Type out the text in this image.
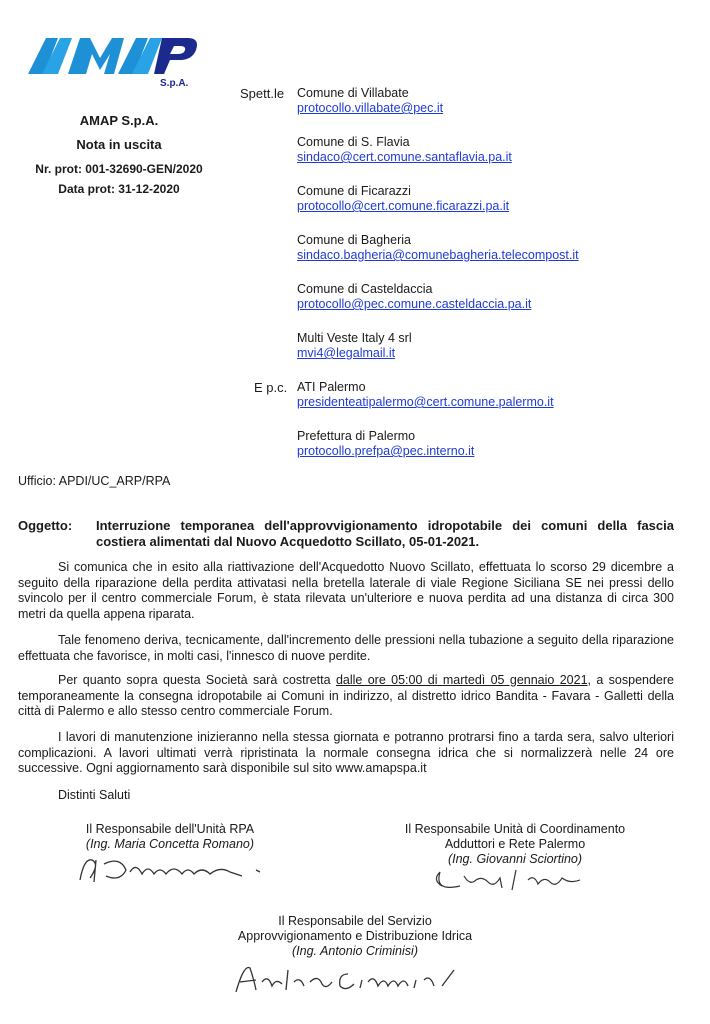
S.p.A.
AMAP S.p.A.
Nota in uscita
Nr. prot: 001-32690-GEN/2020
Data prot: 31-12-2020
Spett.le Comune di Villabate
protocollo.villabate@pec.it
Comune di S. Flavia
sindaco@cert.comune.santaflavia.pa.it
Comune di Ficarazzi
protocollo@cert.comune.ficarazzi.pa.it
Comune di Bagheria
sindaco.bagheria@comunebagheria.telecompost.it
Comune di Casteldaccia
protocollo@pec.comune.casteldaccia.pa.it
Multi Veste Italy 4 srl
mvi4@legalmail.it
E p.c. ATI Palermo
presidenteatipalermo@cert.comune.palermo.it
Prefettura di Palermo
protocollo.prefpa@pec.interno.it
Ufficio: APDI/UC_ARP/RPA
Oggetto: Interruzione temporanea dell'approvvigionamento idropotabile dei comuni della fascia costiera alimentati dal Nuovo Acquedotto Scillato, 05-01-2021.
Si comunica che in esito alla riattivazione dell'Acquedotto Nuovo Scillato, effettuata lo scorso 29 dicembre a seguito della riparazione della perdita attivatasi nella bretella laterale di viale Regione Siciliana SE nei pressi dello svincolo per il centro commerciale Forum, è stata rilevata un'ulteriore e nuova perdita ad una distanza di circa 300 metri da quella appena riparata.
Tale fenomeno deriva, tecnicamente, dall'incremento delle pressioni nella tubazione a seguito della riparazione effettuata che favorisce, in molti casi, l'innesco di nuove perdite.
Per quanto sopra questa Società sarà costretta dalle ore 05:00 di martedì 05 gennaio 2021, a sospendere temporaneamente la consegna idropotabile ai Comuni in indirizzo, al distretto idrico Bandita - Favara - Galletti della città di Palermo e allo stesso centro commerciale Forum.
I lavori di manutenzione inizieranno nella stessa giornata e potranno protrarsi fino a tarda sera, salvo ulteriori complicazioni. A lavori ultimati verrà ripristinata la normale consegna idrica che si normalizzerà nelle 24 ore successive. Ogni aggiornamento sarà disponibile sul sito www.amapspa.it
Distinti Saluti
Il Responsabile dell'Unità RPA
(Ing. Maria Concetta Romano)
Il Responsabile Unità di Coordinamento
Adduttori e Rete Palermo
(Ing. Giovanni Sciortino)
Il Responsabile del Servizio
Approvvigionamento e Distribuzione Idrica
(Ing. Antonio Criminisi)
